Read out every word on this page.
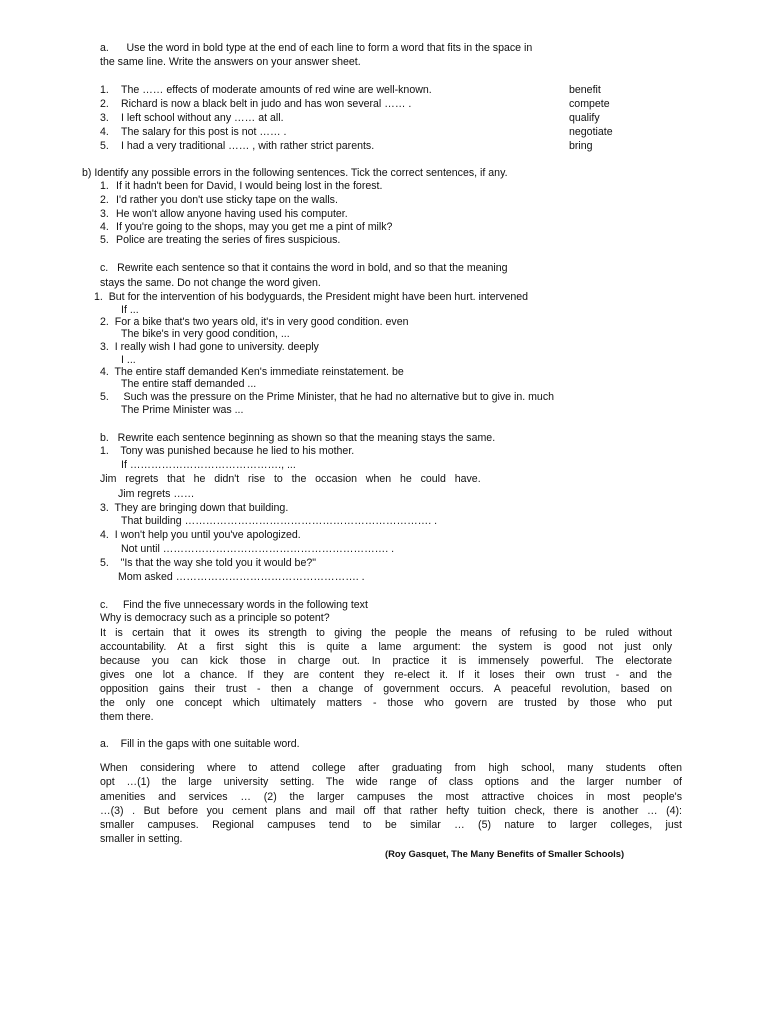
a.      Use the word in bold type at the end of each line to form a word that fits in the space in
the same line. Write the answers on your answer sheet.
1. The …… effects of moderate amounts of red wine are well-known.	benefit
2. Richard is now a black belt in judo and has won several …… .	compete
3. I left school without any …… at all.	qualify
4. The salary for this post is not …… .	negotiate
5. I had a very traditional …… , with rather strict parents.	bring
b) Identify any possible errors in the following sentences. Tick the correct sentences, if any.
1. If it hadn't been for David, I would being lost in the forest.
2. I'd rather you don't use sticky tape on the walls.
3. He won't allow anyone having used his computer.
4. If you're going to the shops, may you get me a pint of milk?
5. Police are treating the series of fires suspicious.
c.   Rewrite each sentence so that it contains the word in bold, and so that the meaning
stays the same. Do not change the word given.
1.  But for the intervention of his bodyguards, the President might have been hurt. intervened
If ...
2.  For a bike that's two years old, it's in very good condition. even
The bike's in very good condition, ...
3.  I really wish I had gone to university. deeply
I ...
4.  The entire staff demanded Ken's immediate reinstatement. be
The entire staff demanded ...
5.     Such was the pressure on the Prime Minister, that he had no alternative but to give in. much
The Prime Minister was ...
b.   Rewrite each sentence beginning as shown so that the meaning stays the same.
1.    Tony was punished because he lied to his mother.
If ……………………………………., ...
Jim   regrets   that   he   didn't   rise   to   the   occasion   when   he   could   have.
Jim regrets ……
3.  They are bringing down that building.
That building ……………………………………………………………. .
4.  I won't help you until you've apologized.
Not until ………………………………………………………. .
5.    "Is that the way she told you it would be?"
Mom asked ……………………………………………. .
c.     Find the five unnecessary words in the following text
Why is democracy such as a principle so potent?
It is certain that it owes its strength to giving the people the means of refusing to be ruled without
accountability. At a first sight this is quite a lame argument: the system is good not just only
because you can kick those in charge out. In practice it is immensely powerful. The electorate
gives one lot a chance. If they are content they re-elect it. If it loses their own trust - and the
opposition gains their trust - then a change of government occurs. A peaceful revolution, based on
the only one concept which ultimately matters - those who govern are trusted by those who put
them there.
a.    Fill in the gaps with one suitable word.
When considering where to attend college after graduating from high school, many students often
opt …(1) the large university setting. The wide range of class options and the larger number of
amenities and services … (2) the larger campuses the most attractive choices in most people's
…(3) . But before you cement plans and mail off that rather hefty tuition check, there is another … (4):
smaller campuses. Regional campuses tend to be similar … (5) nature to larger colleges, just
smaller in setting.
(Roy Gasquet, The Many Benefits of Smaller Schools)
